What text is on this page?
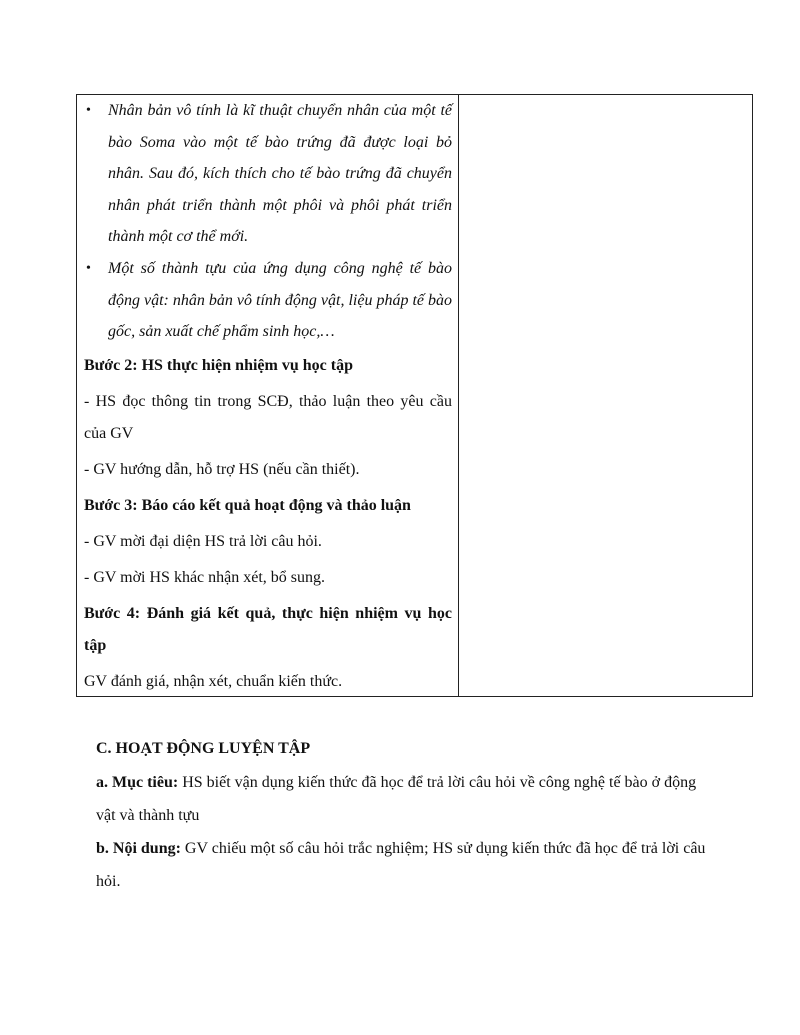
• Nhân bản vô tính là kĩ thuật chuyển nhân của một tế bào Soma vào một tế bào trứng đã được loại bỏ nhân. Sau đó, kích thích cho tế bào trứng đã chuyển nhân phát triển thành một phôi và phôi phát triển thành một cơ thể mới.
• Một số thành tựu của ứng dụng công nghệ tế bào động vật: nhân bản vô tính động vật, liệu pháp tế bào gốc, sản xuất chế phẩm sinh học,…

Bước 2: HS thực hiện nhiệm vụ học tập

- HS đọc thông tin trong SCĐ, thảo luận theo yêu cầu của GV

- GV hướng dẫn, hỗ trợ HS (nếu cần thiết).

Bước 3: Báo cáo kết quả hoạt động và thảo luận

- GV mời đại diện HS trả lời câu hỏi.

- GV mời HS khác nhận xét, bổ sung.

Bước 4: Đánh giá kết quả, thực hiện nhiệm vụ học tập

GV đánh giá, nhận xét, chuẩn kiến thức.

C. HOẠT ĐỘNG LUYỆN TẬP

a. Mục tiêu: HS biết vận dụng kiến thức đã học để trả lời câu hỏi về công nghệ tế bào ở động vật và thành tựu

b. Nội dung: GV chiếu một số câu hỏi trắc nghiệm; HS sử dụng kiến thức đã học để trả lời câu hỏi.
